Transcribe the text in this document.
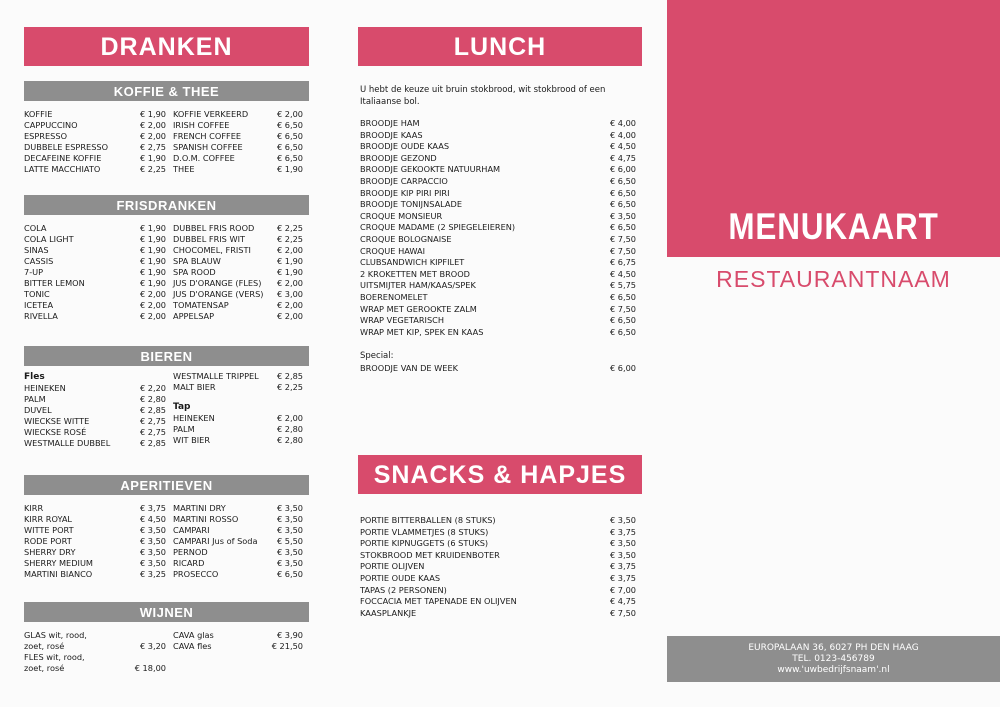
DRANKEN
KOFFIE & THEE
KOFFIE	€ 1,90
CAPPUCCINO	€ 2,00
ESPRESSO	€ 2,00
DUBBELE ESPRESSO	€ 2,75
DECAFEINE KOFFIE	€ 1,90
LATTE MACCHIATO	€ 2,25
KOFFIE VERKEERD	€ 2,00
IRISH COFFEE	€ 6,50
FRENCH COFFEE	€ 6,50
SPANISH COFFEE	€ 6,50
D.O.M. COFFEE	€ 6,50
THEE	€ 1,90
FRISDRANKEN
COLA	€ 1,90
COLA LIGHT	€ 1,90
SINAS	€ 1,90
CASSIS	€ 1,90
7-UP	€ 1,90
BITTER LEMON	€ 1,90
TONIC	€ 2,00
ICETEA	€ 2,00
RIVELLA	€ 2,00
DUBBEL FRIS ROOD	€ 2,25
DUBBEL FRIS WIT	€ 2,25
CHOCOMEL, FRISTI	€ 2,00
SPA BLAUW	€ 1,90
SPA ROOD	€ 1,90
JUS D'ORANGE (FLES) € 2,00
JUS D'ORANGE (VERS) € 3,00
TOMATENSAP	€ 2,00
APPELSAP	€ 2,00
BIEREN
Fles
HEINEKEN	€ 2,20
PALM	€ 2,80
DUVEL	€ 2,85
WIECKSE WITTE	€ 2,75
WIECKSE ROSÉ	€ 2,75
WESTMALLE DUBBEL	€ 2,85
WESTMALLE TRIPPEL € 2,85
MALT BIER	€ 2,25
Tap
HEINEKEN	€ 2,00
PALM	€ 2,80
WIT BIER	€ 2,80
APERITIEVEN
KIRR	€ 3,75
KIRR ROYAL	€ 4,50
WITTE PORT	€ 3,50
RODE PORT	€ 3,50
SHERRY DRY	€ 3,50
SHERRY MEDIUM	€ 3,50
MARTINI BIANCO	€ 3,25
MARTINI DRY	€ 3,50
MARTINI ROSSO	€ 3,50
CAMPARI	€ 3,50
CAMPARI Jus of Soda € 5,50
PERNOD	€ 3,50
RICARD	€ 3,50
PROSECCO	€ 6,50
WIJNEN
GLAS wit, rood,
zoet, rosé	€ 3,20
FLES wit, rood,
zoet, rosé	€ 18,00
CAVA glas	€ 3,90
CAVA fles	€ 21,50
LUNCH
U hebt de keuze uit bruin stokbrood, wit stokbrood of een Italiaanse bol.
BROODJE HAM	€ 4,00
BROODJE KAAS	€ 4,00
BROODJE OUDE KAAS	€ 4,50
BROODJE GEZOND	€ 4,75
BROODJE GEKOOKTE NATUURHAM	€ 6,00
BROODJE CARPACCIO	€ 6,50
BROODJE KIP PIRI PIRI	€ 6,50
BROODJE TONIJNSALADE	€ 6,50
CROQUE MONSIEUR	€ 3,50
CROQUE MADAME (2 SPIEGELEIEREN)	€ 6,50
CROQUE BOLOGNAISE	€ 7,50
CROQUE HAWAI	€ 7,50
CLUBSANDWICH KIPFILET	€ 6,75
2 KROKETTEN MET BROOD	€ 4,50
UITSMIJTER HAM/KAAS/SPEK	€ 5,75
BOERENOMELET	€ 6,50
WRAP MET GEROOKTE ZALM	€ 7,50
WRAP VEGETARISCH	€ 6,50
WRAP MET KIP, SPEK EN KAAS	€ 6,50
Special:
BROODJE VAN DE WEEK	€ 6,00
SNACKS & HAPJES
PORTIE BITTERBALLEN (8 STUKS)	€ 3,50
PORTIE VLAMMETJES (8 STUKS)	€ 3,75
PORTIE KIPNUGGETS (6 STUKS)	€ 3,50
STOKBROOD MET KRUIDENBOTER	€ 3,50
PORTIE OLIJVEN	€ 3,75
PORTIE OUDE KAAS	€ 3,75
TAPAS (2 PERSONEN)	€ 7,00
FOCCACIA MET TAPENADE EN OLIJVEN	€ 4,75
KAASPLANKJE	€ 7,50
MENUKAART
RESTAURANTNAAM
EUROPALAAN 36, 6027 PH DEN HAAG
TEL. 0123-456789
www.'uwbedrijfsnaam'.nl
